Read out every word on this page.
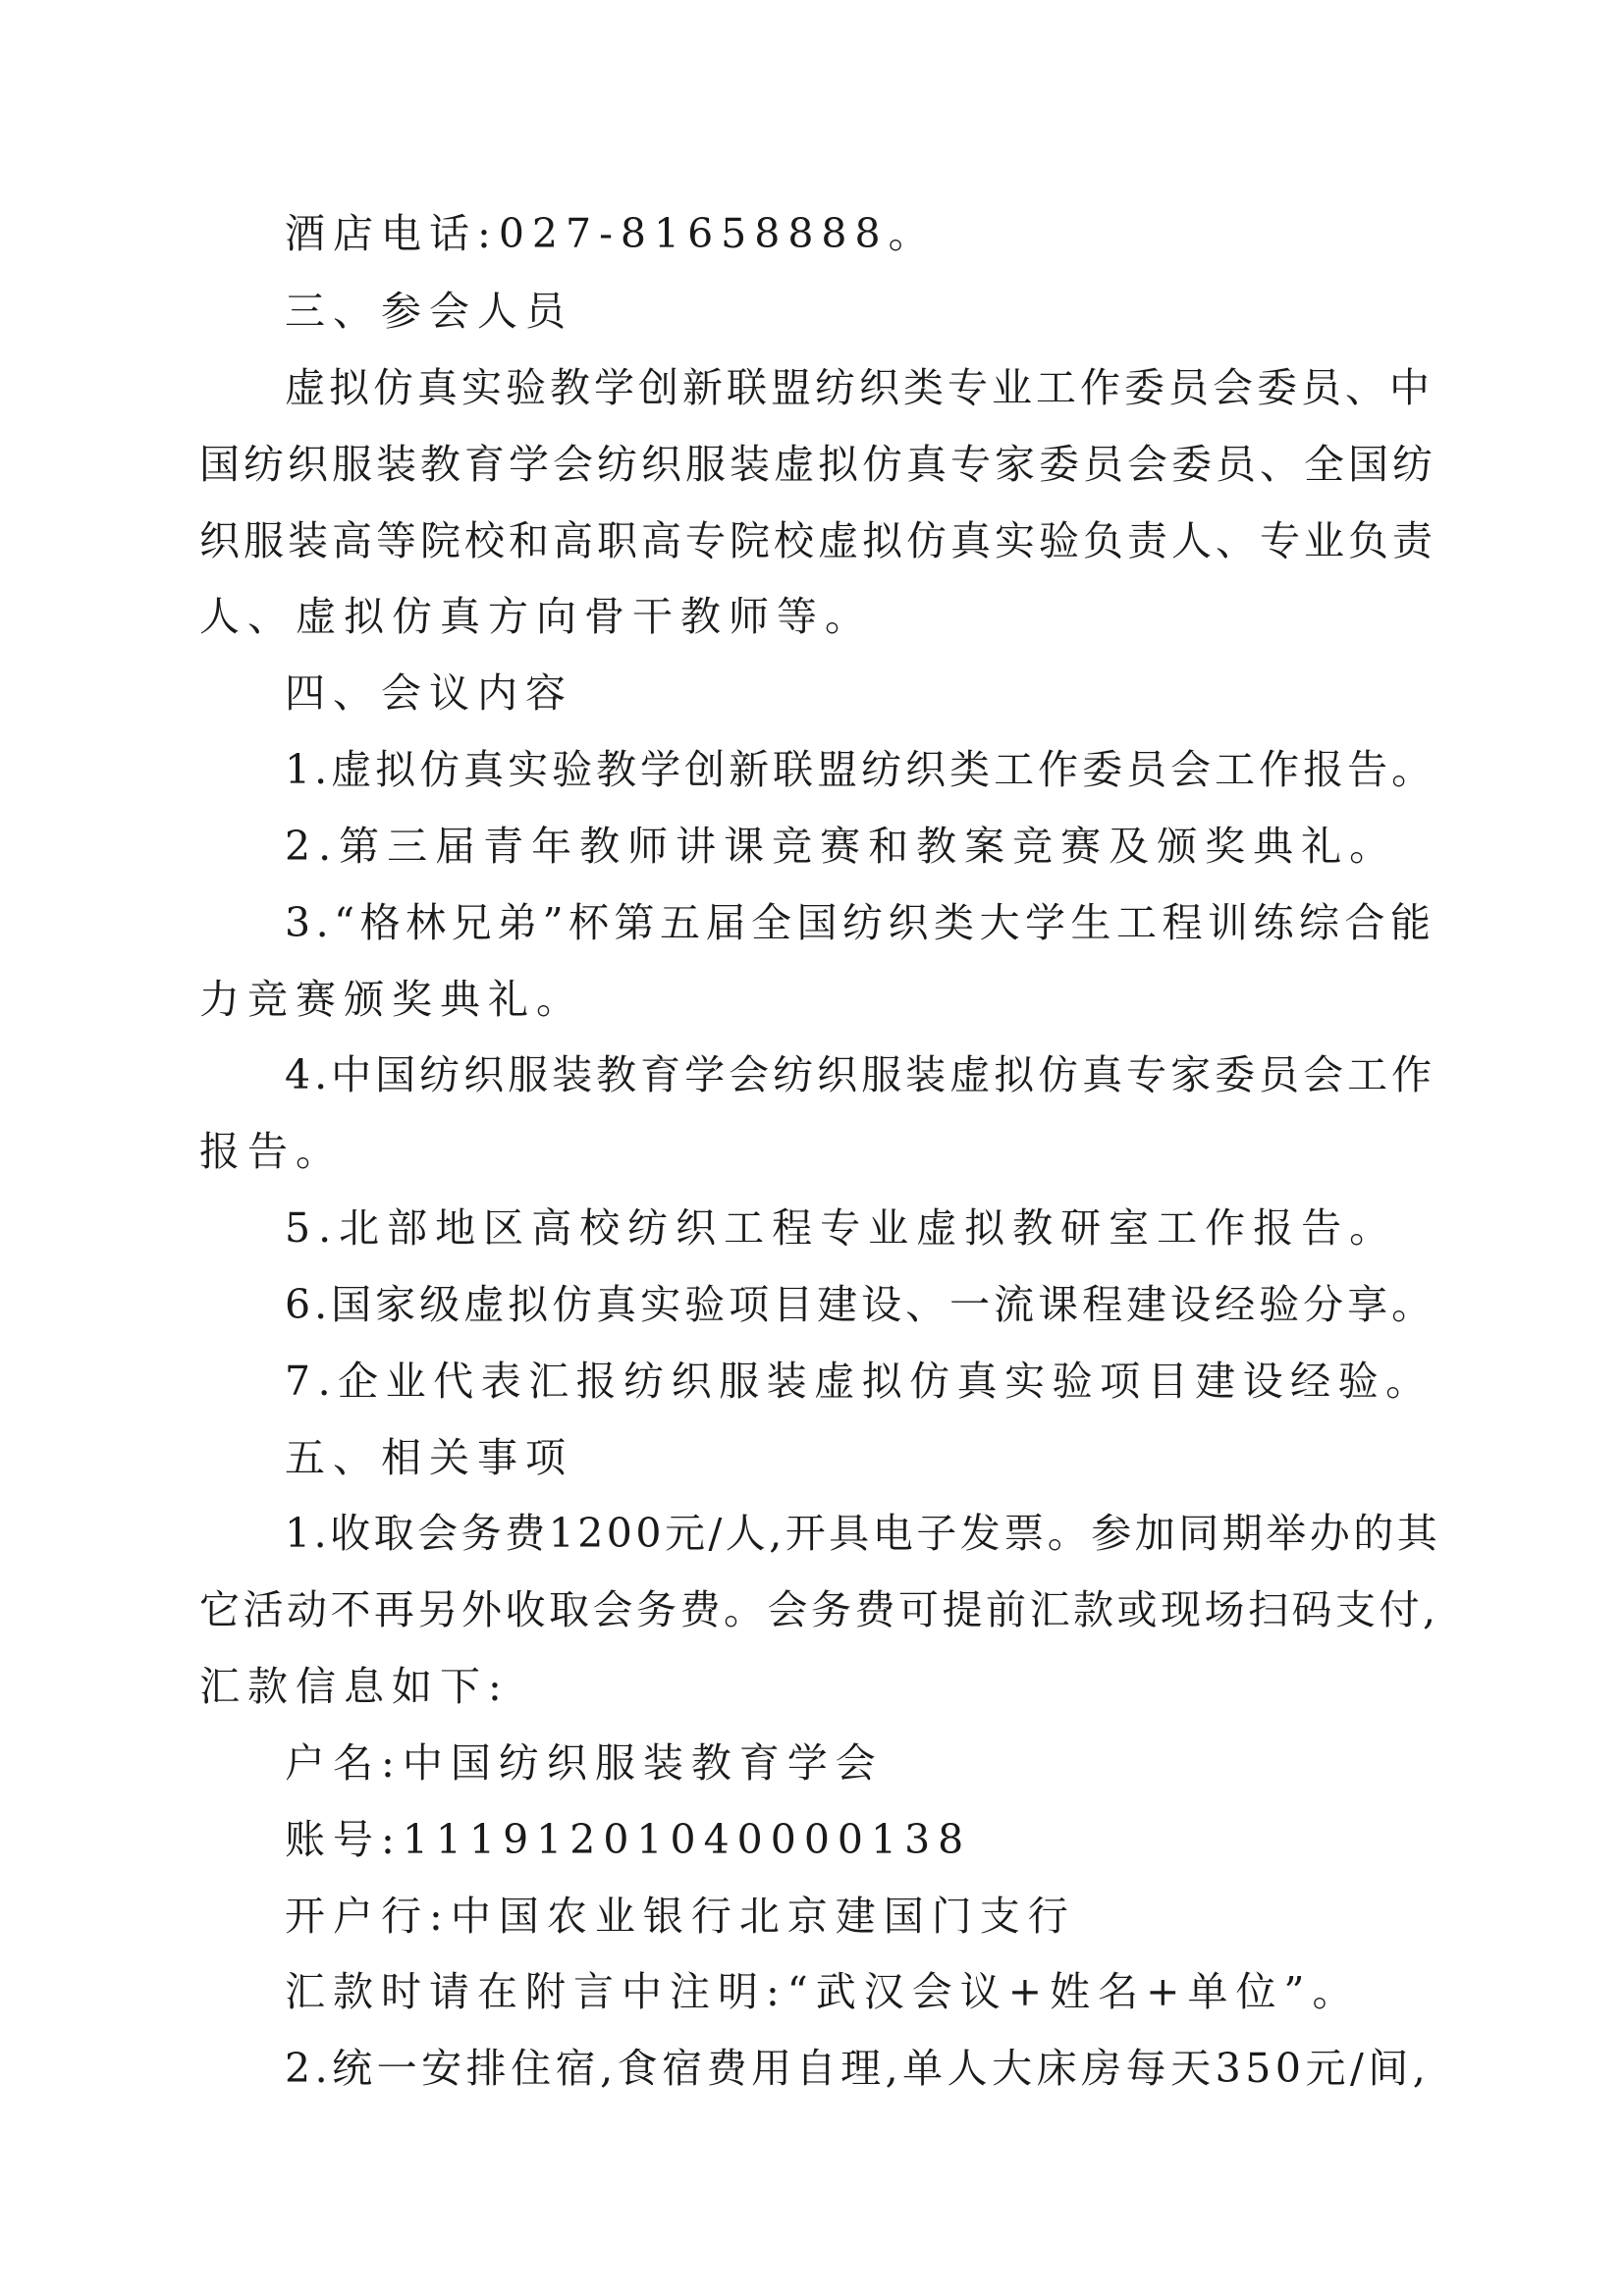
酒店电话:027-81658888。
三、参会人员
虚拟仿真实验教学创新联盟纺织类专业工作委员会委员、中
国纺织服装教育学会纺织服装虚拟仿真专家委员会委员、全国纺
织服装高等院校和高职高专院校虚拟仿真实验负责人、专业负责
人、虚拟仿真方向骨干教师等。
四、会议内容
1.虚拟仿真实验教学创新联盟纺织类工作委员会工作报告。
2.第三届青年教师讲课竞赛和教案竞赛及颁奖典礼。
3.“格林兄弟”杯第五届全国纺织类大学生工程训练综合能
力竞赛颁奖典礼。
4.中国纺织服装教育学会纺织服装虚拟仿真专家委员会工作
报告。
5.北部地区高校纺织工程专业虚拟教研室工作报告。
6.国家级虚拟仿真实验项目建设、一流课程建设经验分享。
7.企业代表汇报纺织服装虚拟仿真实验项目建设经验。
五、相关事项
1.收取会务费1200元/人,开具电子发票。参加同期举办的其
它活动不再另外收取会务费。会务费可提前汇款或现场扫码支付,
汇款信息如下:
户名:中国纺织服装教育学会
账号:11191201040000138
开户行:中国农业银行北京建国门支行
汇款时请在附言中注明:“武汉会议+姓名+单位”。
2.统一安排住宿,食宿费用自理,单人大床房每天350元/间,
